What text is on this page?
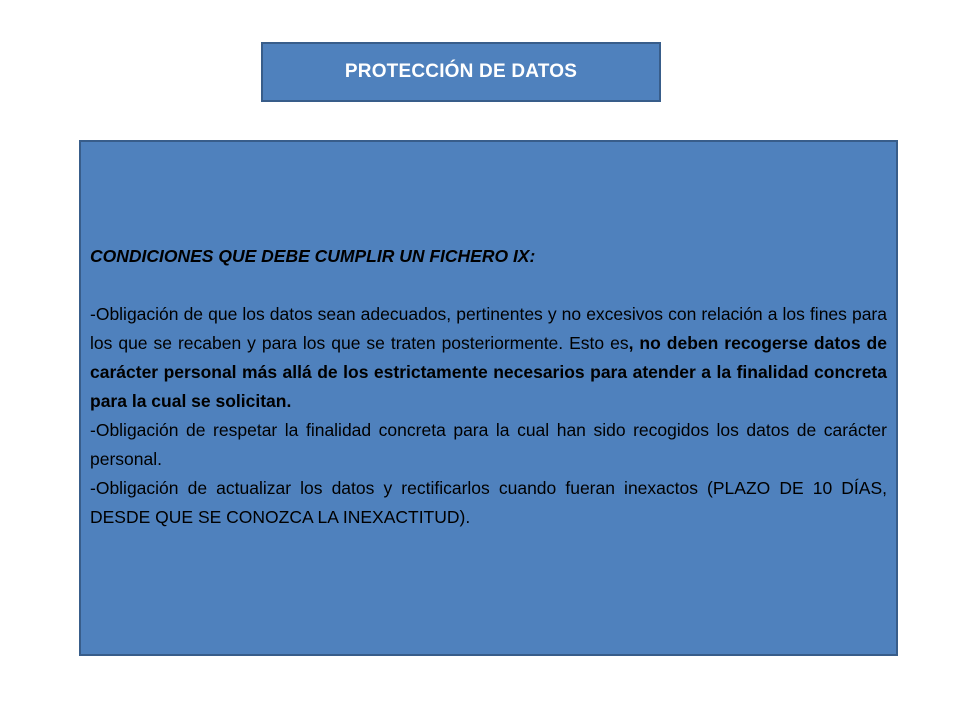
PROTECCIÓN DE DATOS

CONDICIONES QUE DEBE CUMPLIR UN FICHERO IX:

-Obligación de que los datos sean adecuados, pertinentes y no excesivos con relación a los fines para los que se recaben y para los que se traten posteriormente. Esto es, no deben recogerse datos de carácter personal más allá de los estrictamente necesarios para atender a la finalidad concreta para la cual se solicitan.

-Obligación de respetar la finalidad concreta para la cual han sido recogidos los datos de carácter personal.

-Obligación de actualizar los datos y rectificarlos cuando fueran inexactos (PLAZO DE 10 DÍAS, DESDE QUE SE CONOZCA LA INEXACTITUD).
